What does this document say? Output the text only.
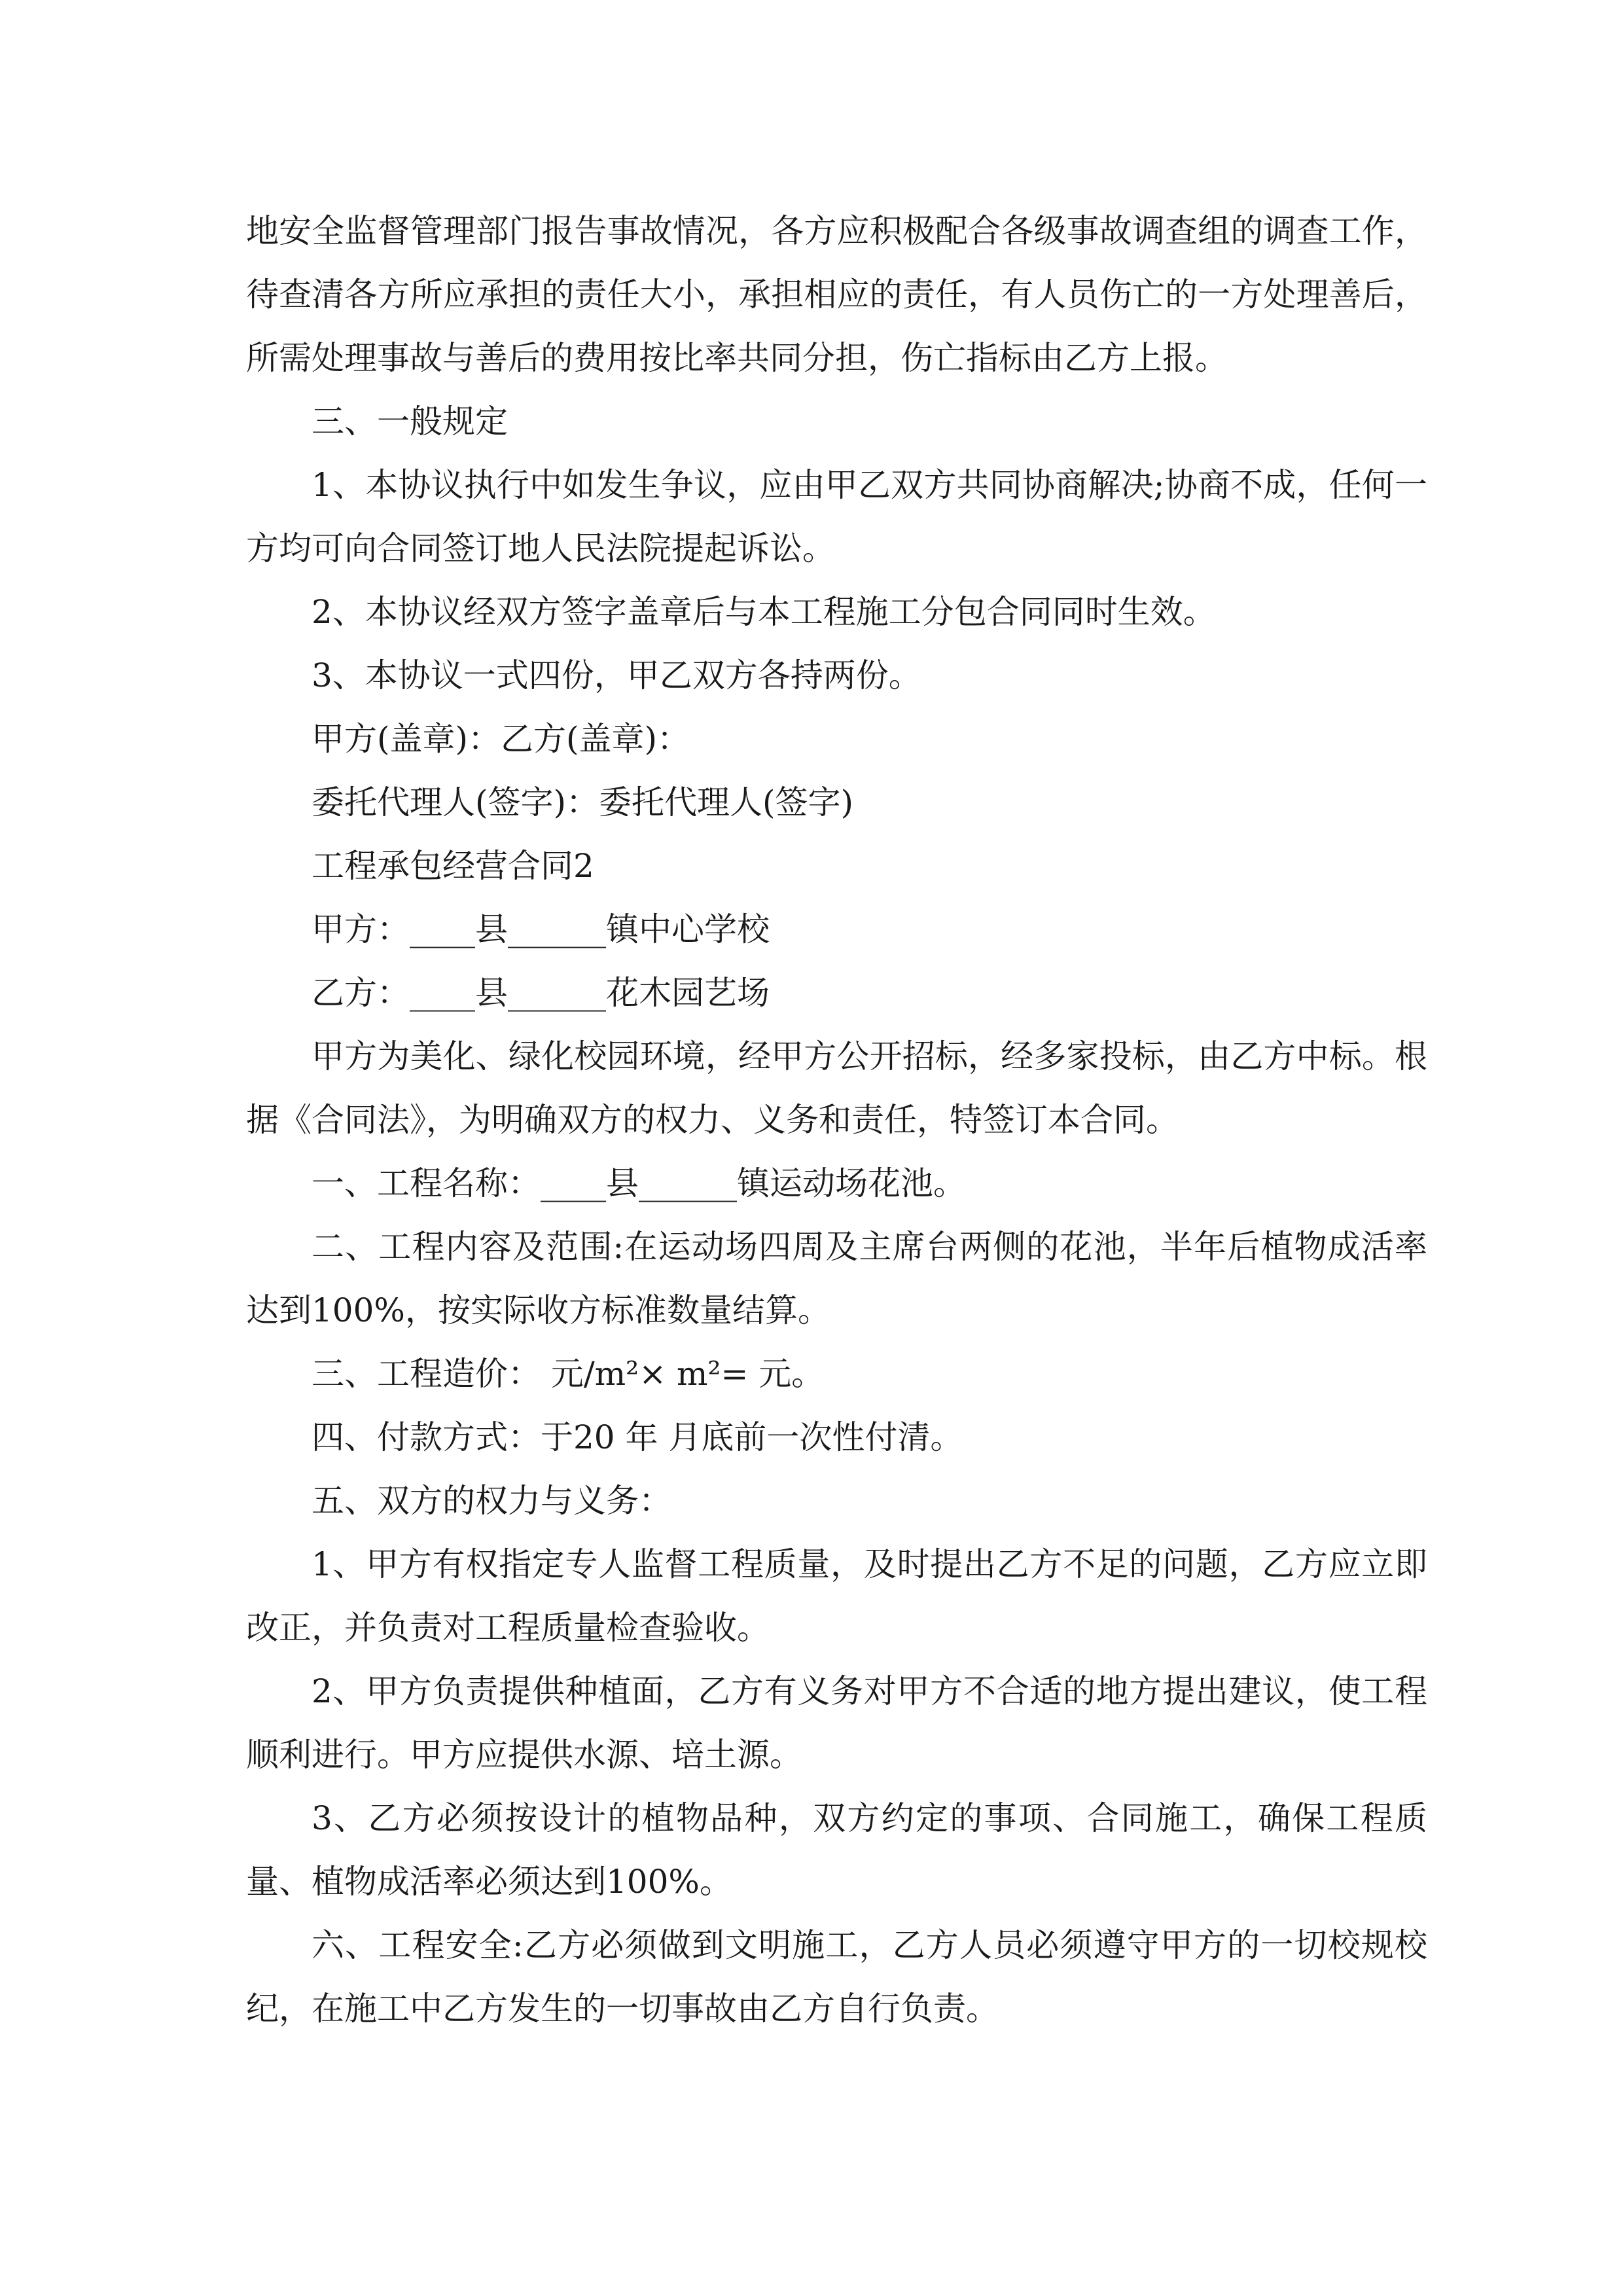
地安全监督管理部门报告事故情况，各方应积极配合各级事故调查组的调查工作，待查清各方所应承担的责任大小，承担相应的责任，有人员伤亡的一方处理善后，所需处理事故与善后的费用按比率共同分担，伤亡指标由乙方上报。

三、一般规定

1、本协议执行中如发生争议，应由甲乙双方共同协商解决;协商不成，任何一方均可向合同签订地人民法院提起诉讼。

2、本协议经双方签字盖章后与本工程施工分包合同同时生效。

3、本协议一式四份，甲乙双方各持两份。

甲方(盖章)：乙方(盖章)：

委托代理人(签字)：委托代理人(签字)

工程承包经营合同2

甲方：____县______镇中心学校

乙方：____县______花木园艺场

甲方为美化、绿化校园环境，经甲方公开招标，经多家投标，由乙方中标。根据《合同法》，为明确双方的权力、义务和责任，特签订本合同。

一、工程名称：____县______镇运动场花池。

二、工程内容及范围:在运动场四周及主席台两侧的花池，半年后植物成活率达到100%，按实际收方标准数量结算。

三、工程造价： 元/m²× m²= 元。

四、付款方式：于20 年 月底前一次性付清。

五、双方的权力与义务：

1、甲方有权指定专人监督工程质量，及时提出乙方不足的问题，乙方应立即改正，并负责对工程质量检查验收。

2、甲方负责提供种植面，乙方有义务对甲方不合适的地方提出建议，使工程顺利进行。甲方应提供水源、培土源。

3、乙方必须按设计的植物品种，双方约定的事项、合同施工，确保工程质量、植物成活率必须达到100%。

六、工程安全:乙方必须做到文明施工，乙方人员必须遵守甲方的一切校规校纪，在施工中乙方发生的一切事故由乙方自行负责。
